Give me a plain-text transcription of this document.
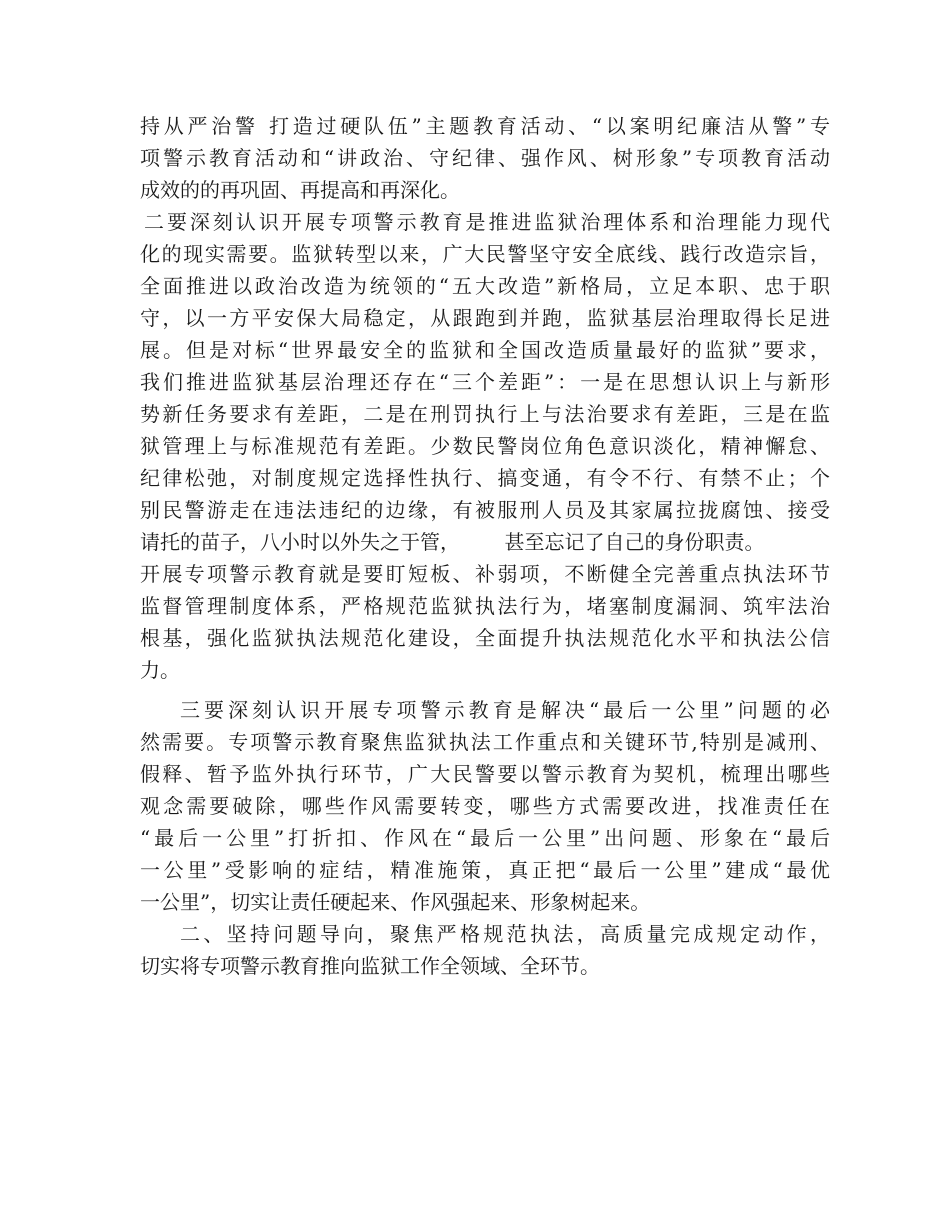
持从严治警 打造过硬队伍”主题教育活动、“以案明纪廉洁从警”专
项警示教育活动和“讲政治、守纪律、强作风、树形象”专项教育活动
成效的的再巩固、再提高和再深化。
二要深刻认识开展专项警示教育是推进监狱治理体系和治理能力现代
化的现实需要。监狱转型以来，广大民警坚守安全底线、践行改造宗旨，
全面推进以政治改造为统领的“五大改造”新格局，立足本职、忠于职
守，以一方平安保大局稳定，从跟跑到并跑，监狱基层治理取得长足进
展。但是对标“世界最安全的监狱和全国改造质量最好的监狱”要求，
我们推进监狱基层治理还存在“三个差距”：一是在思想认识上与新形
势新任务要求有差距，二是在刑罚执行上与法治要求有差距，三是在监
狱管理上与标准规范有差距。少数民警岗位角色意识淡化，精神懈怠、
纪律松弛，对制度规定选择性执行、搞变通，有令不行、有禁不止；个
别民警游走在违法违纪的边缘，有被服刑人员及其家属拉拢腐蚀、接受
请托的苗子，八小时以外失之于管，       甚至忘记了自己的身份职责。
开展专项警示教育就是要盯短板、补弱项，不断健全完善重点执法环节
监督管理制度体系，严格规范监狱执法行为，堵塞制度漏洞、筑牢法治
根基，强化监狱执法规范化建设，全面提升执法规范化水平和执法公信
力。
三要深刻认识开展专项警示教育是解决“最后一公里”问题的必
然需要。专项警示教育聚焦监狱执法工作重点和关键环节,特别是减刑、
假释、暂予监外执行环节，广大民警要以警示教育为契机，梳理出哪些
观念需要破除，哪些作风需要转变，哪些方式需要改进，找准责任在
“最后一公里”打折扣、作风在“最后一公里”出问题、形象在“最后
一公里”受影响的症结，精准施策，真正把“最后一公里”建成“最优
一公里”，切实让责任硬起来、作风强起来、形象树起来。
二、坚持问题导向，聚焦严格规范执法，高质量完成规定动作，
切实将专项警示教育推向监狱工作全领域、全环节。
